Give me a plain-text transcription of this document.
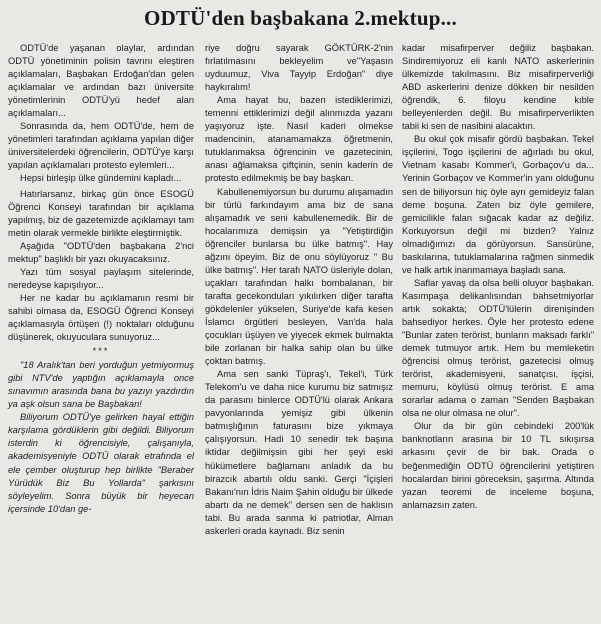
ODTÜ'den başbakana 2.mektup...

ODTÜ'de yaşanan olaylar, ardından ODTÜ yönetiminin polisin tavrını eleştiren açıklamaları, Başbakan Erdoğan'dan gelen açıklamalar ve ardından bazı üniversite yönetimlerinin ODTÜ'yü hedef alan açıklamaları...

Sonrasında da, hem ODTÜ'de, hem de yönetimleri tarafından açıklama yapılan diğer üniversitelerdeki öğrencilerin, ODTÜ'ye karşı yapılan açıklamaları protesto eylemleri...

Hepsi birleşip ülke gündemini kapladı...

Hatırlarsanız, birkaç gün önce ESOGÜ Öğrenci Konseyi tarafından bir açıklama yapılmış, biz de gazetemizde açıklamayı tam metin olarak vermekle birlikte eleştirmiştik.

Aşağıda "ODTÜ'den başbakana 2'nci mektup" başlıklı bir yazı okuyacaksınız.

Yazı tüm sosyal paylaşım sitelerinde, neredeyse kapışılıyor...

Her ne kadar bu açıklamanın resmi bir sahibi olmasa da, ESOGÜ Öğrenci Konseyi açıklamasıyla örtüşen (!) noktaları olduğunu düşünerek, okuyuculara sunuyoruz...

***

"18 Aralık'tan beri yorduğun yetmiyormuş gibi NTV'de yaptığın açıklamayla once sınavımın arasında bana bu yazıyı yazdırdın ya aşk olsun sana be Başbakan!

Biliyorum ODTÜ'ye gelirken hayal ettiğin karşılama gördüklerin gibi değildi. Biliyorum isterdin ki öğrencisiyle, çalışanıyla, akademisyeniyle ODTÜ olarak etrafında el ele çember oluşturup hep birlikte "Beraber Yürüdük Biz Bu Yollarda" şarkısını söyleyelim. Sonra büyük bir heyecan içersinde 10'dan ge-

riye doğru sayarak GÖKTÜRK-2'nin fırlatılmasını bekleyelim ve"Yaşasın uyduumuz, Viva Tayyip Erdoğan" diye haykıralım!

Ama hayat bu, bazen istediklerimizi, temenni ettiklerimizi değil alınmızda yazanı yaşıyoruz işte. Nasıl kaderi olmekse madencinin, atanamamakza öğretmenin, tutuklanmaksa öğrencinin ve gazetecinin, anası ağlamaksa çiftçinin, senin kaderin de protesto edilmekmiş be bay başkan.

Kabullenemiyorsun bu durumu alışamadın bir türlü farkındayım ama biz de sana alışamadık ve seni kabullenemedik. Bir de hocalarımıza demişsin ya "Yetiştirdiğin öğrenciler bunlarsa bu ülke batmış". Hay ağzını öpeyim. Biz de onu söylüyoruz " Bu ülke batmış". Her tarafı NATO üsleriyle dolan, uçakları tarafından halkı bombalanan, bir tarafta gecekonduları yıkılırken diğer tarafta gökdelenler yükselen, Suriye'de kafa kesen İslamcı örgütleri besleyen, Van'da hala çocukları üşüyen ve yiyecek ekmek bulmakta bile zorlanan bir halka sahip olan bu ülke çoktan batmış.

Ama sen sanki Tüpraş'ı, Tekel'i, Türk Telekom'u ve daha nice kurumu biz satmışız da parasını binlerce ODTÜ'lü olarak Ankara pavyonlarında yemişiz gibi ülkenin batmışlığının faturasını bize yıkmaya çalışıyorsun. Hadi 10 senedir tek başına iktidar değilmişsin gibi her şeyi eski hükümetlere bağlamanı anladık da bu birazcık abartılı oldu sanki. Gerçi "İçişleri Bakanı'nın İdris Naim Şahin olduğu bir ülkede abartı da ne demek" dersen sen de haklısın tabi. Bu arada sanma ki patriotlar, Alman askerleri orada kaynadı. Biz senin

kadar misafirperver değiliz başbakan. Sindiremiyoruz eli kanlı NATO askerlerinin ülkemizde takılmasını. Biz misafirperverliği ABD askerlerini denize dökken bir nesilden öğrendik, 6. filoyu kendine kıble belleyenlerden değil. Bu misafirperverlikten tabii ki sen de nasibini alacaktın.

Bu okul çok misafir gördü başbakan. Tekel işçilerini, Togo işçilerini de ağırladı bu okul, Vietnam kasabı Kommer'i, Gorbaçov'u da... Yerinin Gorbaçov ve Kommer'in yanı olduğunu sen de biliyorsun hiç öyle ayrı gemideyiz falan deme boşuna. Zaten biz öyle gemilere, gemicilikle falan sığacak kadar az değiliz. Korkuyorsun değil mi bizden? Yalnız olmadığımızı da görüyorsun. Sansürüne, baskılarına, tutuklamalarına rağmen sinmedik ve halk artık inanmamaya başladı sana.

Saflar yavaş da olsa belli oluyor başbakan. Kasımpaşa delikanlısından bahsetmiyorlar artık sokakta; ODTÜ'lülerin direnişinden bahsediyor herkes. Öyle her protesto edene "Bunlar zaten terörist, bunların maksadı farklı" demek tutmuyor artık. Hem bu memleketin öğrencisi olmuş terörist, gazetecisi olmuş terörist, akademisyeni, sanatçısı, işçisi, memuru, köylüsü olmuş terörist. E ama sorarlar adama o zaman "Senden Başbakan olsa ne olur olmasa ne olur".

Olur da bir gün cebindeki 200'lük banknotların arasına bir 10 TL sıkışırsa arkasını çevir de bir bak. Orada o beğenmediğin ODTÜ öğrencilerini yetiştiren hocalardan birini göreceksin, şaşırma. Altında yazan teoremi de inceleme boşuna, anlamazsın zaten.
